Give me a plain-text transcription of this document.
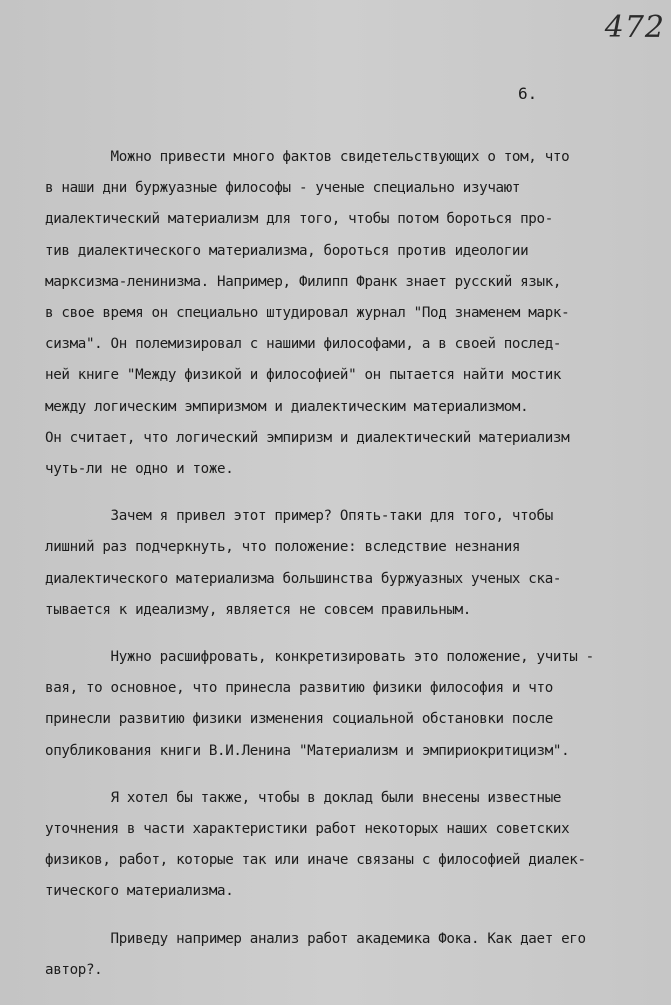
472
6.

Можно привести много фактов свидетельствующих о том, что
в наши дни буржуазные философы - ученые специально изучают
диалектический материализм для того, чтобы потом бороться про-
тив диалектического материализма, бороться против идеологии
марксизма-ленинизма. Например, Филипп Франк знает русский язык,
в свое время он специально штудировал журнал "Под знаменем марк-
сизма". Он полемизировал с нашими философами, а в своей послед-
ней книге "Между физикой и философией" он пытается найти мостик
между логическим эмпиризмом и диалектическим материализмом.
Он считает, что логический эмпиризм и диалектический материализм
чуть-ли не одно и тоже.

Зачем я привел этот пример? Опять-таки для того, чтобы
лишний раз подчеркнуть, что положение: вследствие незнания
диалектического материализма большинства буржуазных ученых ска-
тывается к идеализму, является не совсем правильным.

Нужно расшифровать, конкретизировать это положение, учиты -
вая, то основное, что принесла развитию физики философия и что
принесли развитию физики изменения социальной обстановки после
опубликования книги В.И.Ленина "Материализм и эмпириокритицизм".

Я хотел бы также, чтобы в доклад были внесены известные
уточнения в части характеристики работ некоторых наших советских
физиков, работ, которые так или иначе связаны с философией диалек-
тического материализма.

Приведу например анализ работ академика Фока. Как дает его
автор?.
